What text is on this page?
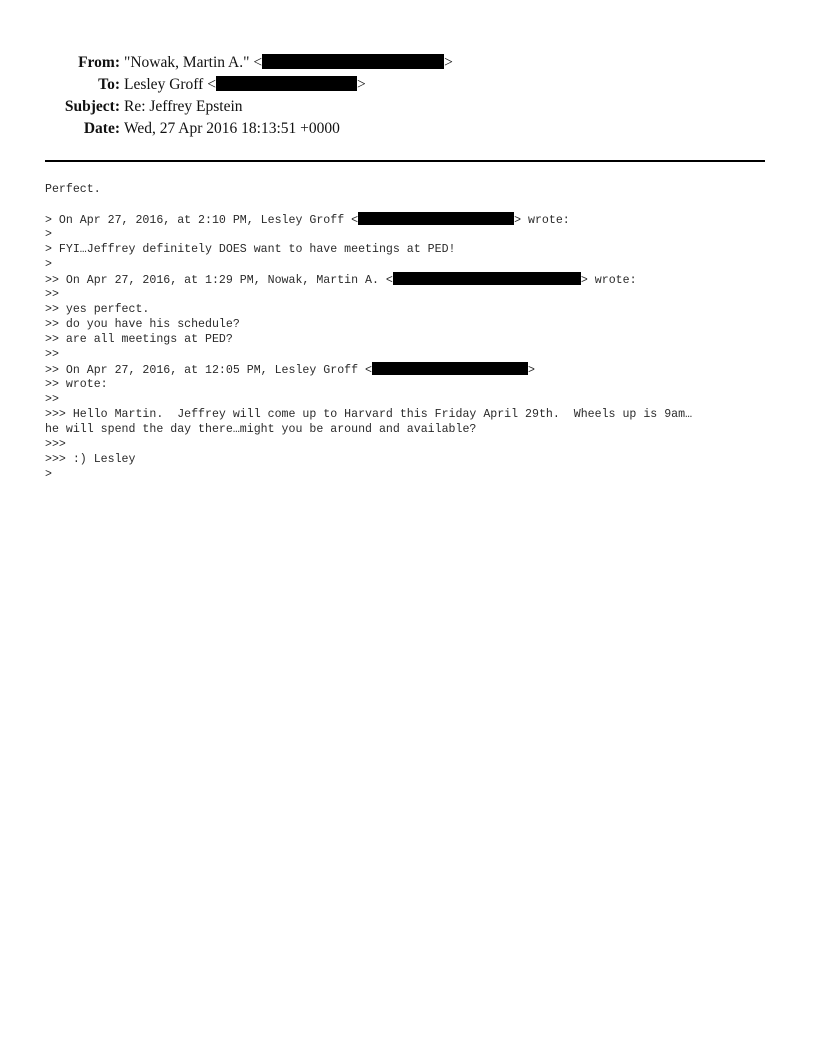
From: "Nowak, Martin A." <	>
To: Lesley Groff <	>
Subject: Re: Jeffrey Epstein
Date: Wed, 27 Apr 2016 18:13:51 +0000
Perfect.
> On Apr 27, 2016, at 2:10 PM, Lesley Groff <	> wrote:
>
> FYI…Jeffrey definitely DOES want to have meetings at PED!
>
>> On Apr 27, 2016, at 1:29 PM, Nowak, Martin A. <	> wrote:
>>
>> yes perfect.
>> do you have his schedule?
>> are all meetings at PED?
>>
>> On Apr 27, 2016, at 12:05 PM, Lesley Groff <	>
>> wrote:
>>
>>> Hello Martin.  Jeffrey will come up to Harvard this Friday April 29th.  Wheels up is 9am…
he will spend the day there…might you be around and available?
>>>
>>> :) Lesley
>
